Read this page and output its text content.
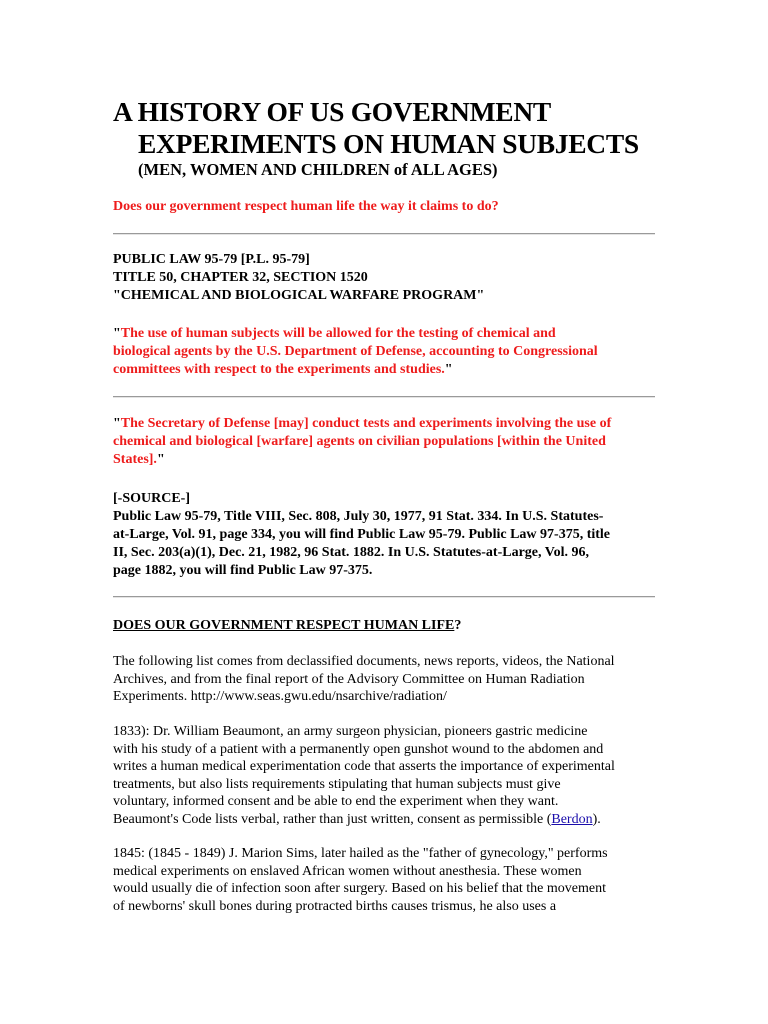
A HISTORY OF US GOVERNMENT
EXPERIMENTS ON HUMAN SUBJECTS
(MEN, WOMEN AND CHILDREN of ALL AGES)
Does our government respect human life the way it claims to do?
PUBLIC LAW 95-79 [P.L. 95-79]
TITLE 50, CHAPTER 32, SECTION 1520
"CHEMICAL AND BIOLOGICAL WARFARE PROGRAM"
"The use of human subjects will be allowed for the testing of chemical and
biological agents by the U.S. Department of Defense, accounting to Congressional
committees with respect to the experiments and studies."
"The Secretary of Defense [may] conduct tests and experiments involving the use of
chemical and biological [warfare] agents on civilian populations [within the United
States]."
[-SOURCE-]
Public Law 95-79, Title VIII, Sec. 808, July 30, 1977, 91 Stat. 334. In U.S. Statutes-
at-Large, Vol. 91, page 334, you will find Public Law 95-79. Public Law 97-375, title
II, Sec. 203(a)(1), Dec. 21, 1982, 96 Stat. 1882. In U.S. Statutes-at-Large, Vol. 96,
page 1882, you will find Public Law 97-375.
DOES OUR GOVERNMENT RESPECT HUMAN LIFE?
The following list comes from declassified documents, news reports, videos, the National
Archives, and from the final report of the Advisory Committee on Human Radiation
Experiments. http://www.seas.gwu.edu/nsarchive/radiation/
1833): Dr. William Beaumont, an army surgeon physician, pioneers gastric medicine
with his study of a patient with a permanently open gunshot wound to the abdomen and
writes a human medical experimentation code that asserts the importance of experimental
treatments, but also lists requirements stipulating that human subjects must give
voluntary, informed consent and be able to end the experiment when they want.
Beaumont's Code lists verbal, rather than just written, consent as permissible (Berdon).
1845: (1845 - 1849) J. Marion Sims, later hailed as the "father of gynecology," performs
medical experiments on enslaved African women without anesthesia. These women
would usually die of infection soon after surgery. Based on his belief that the movement
of newborns' skull bones during protracted births causes trismus, he also uses a
